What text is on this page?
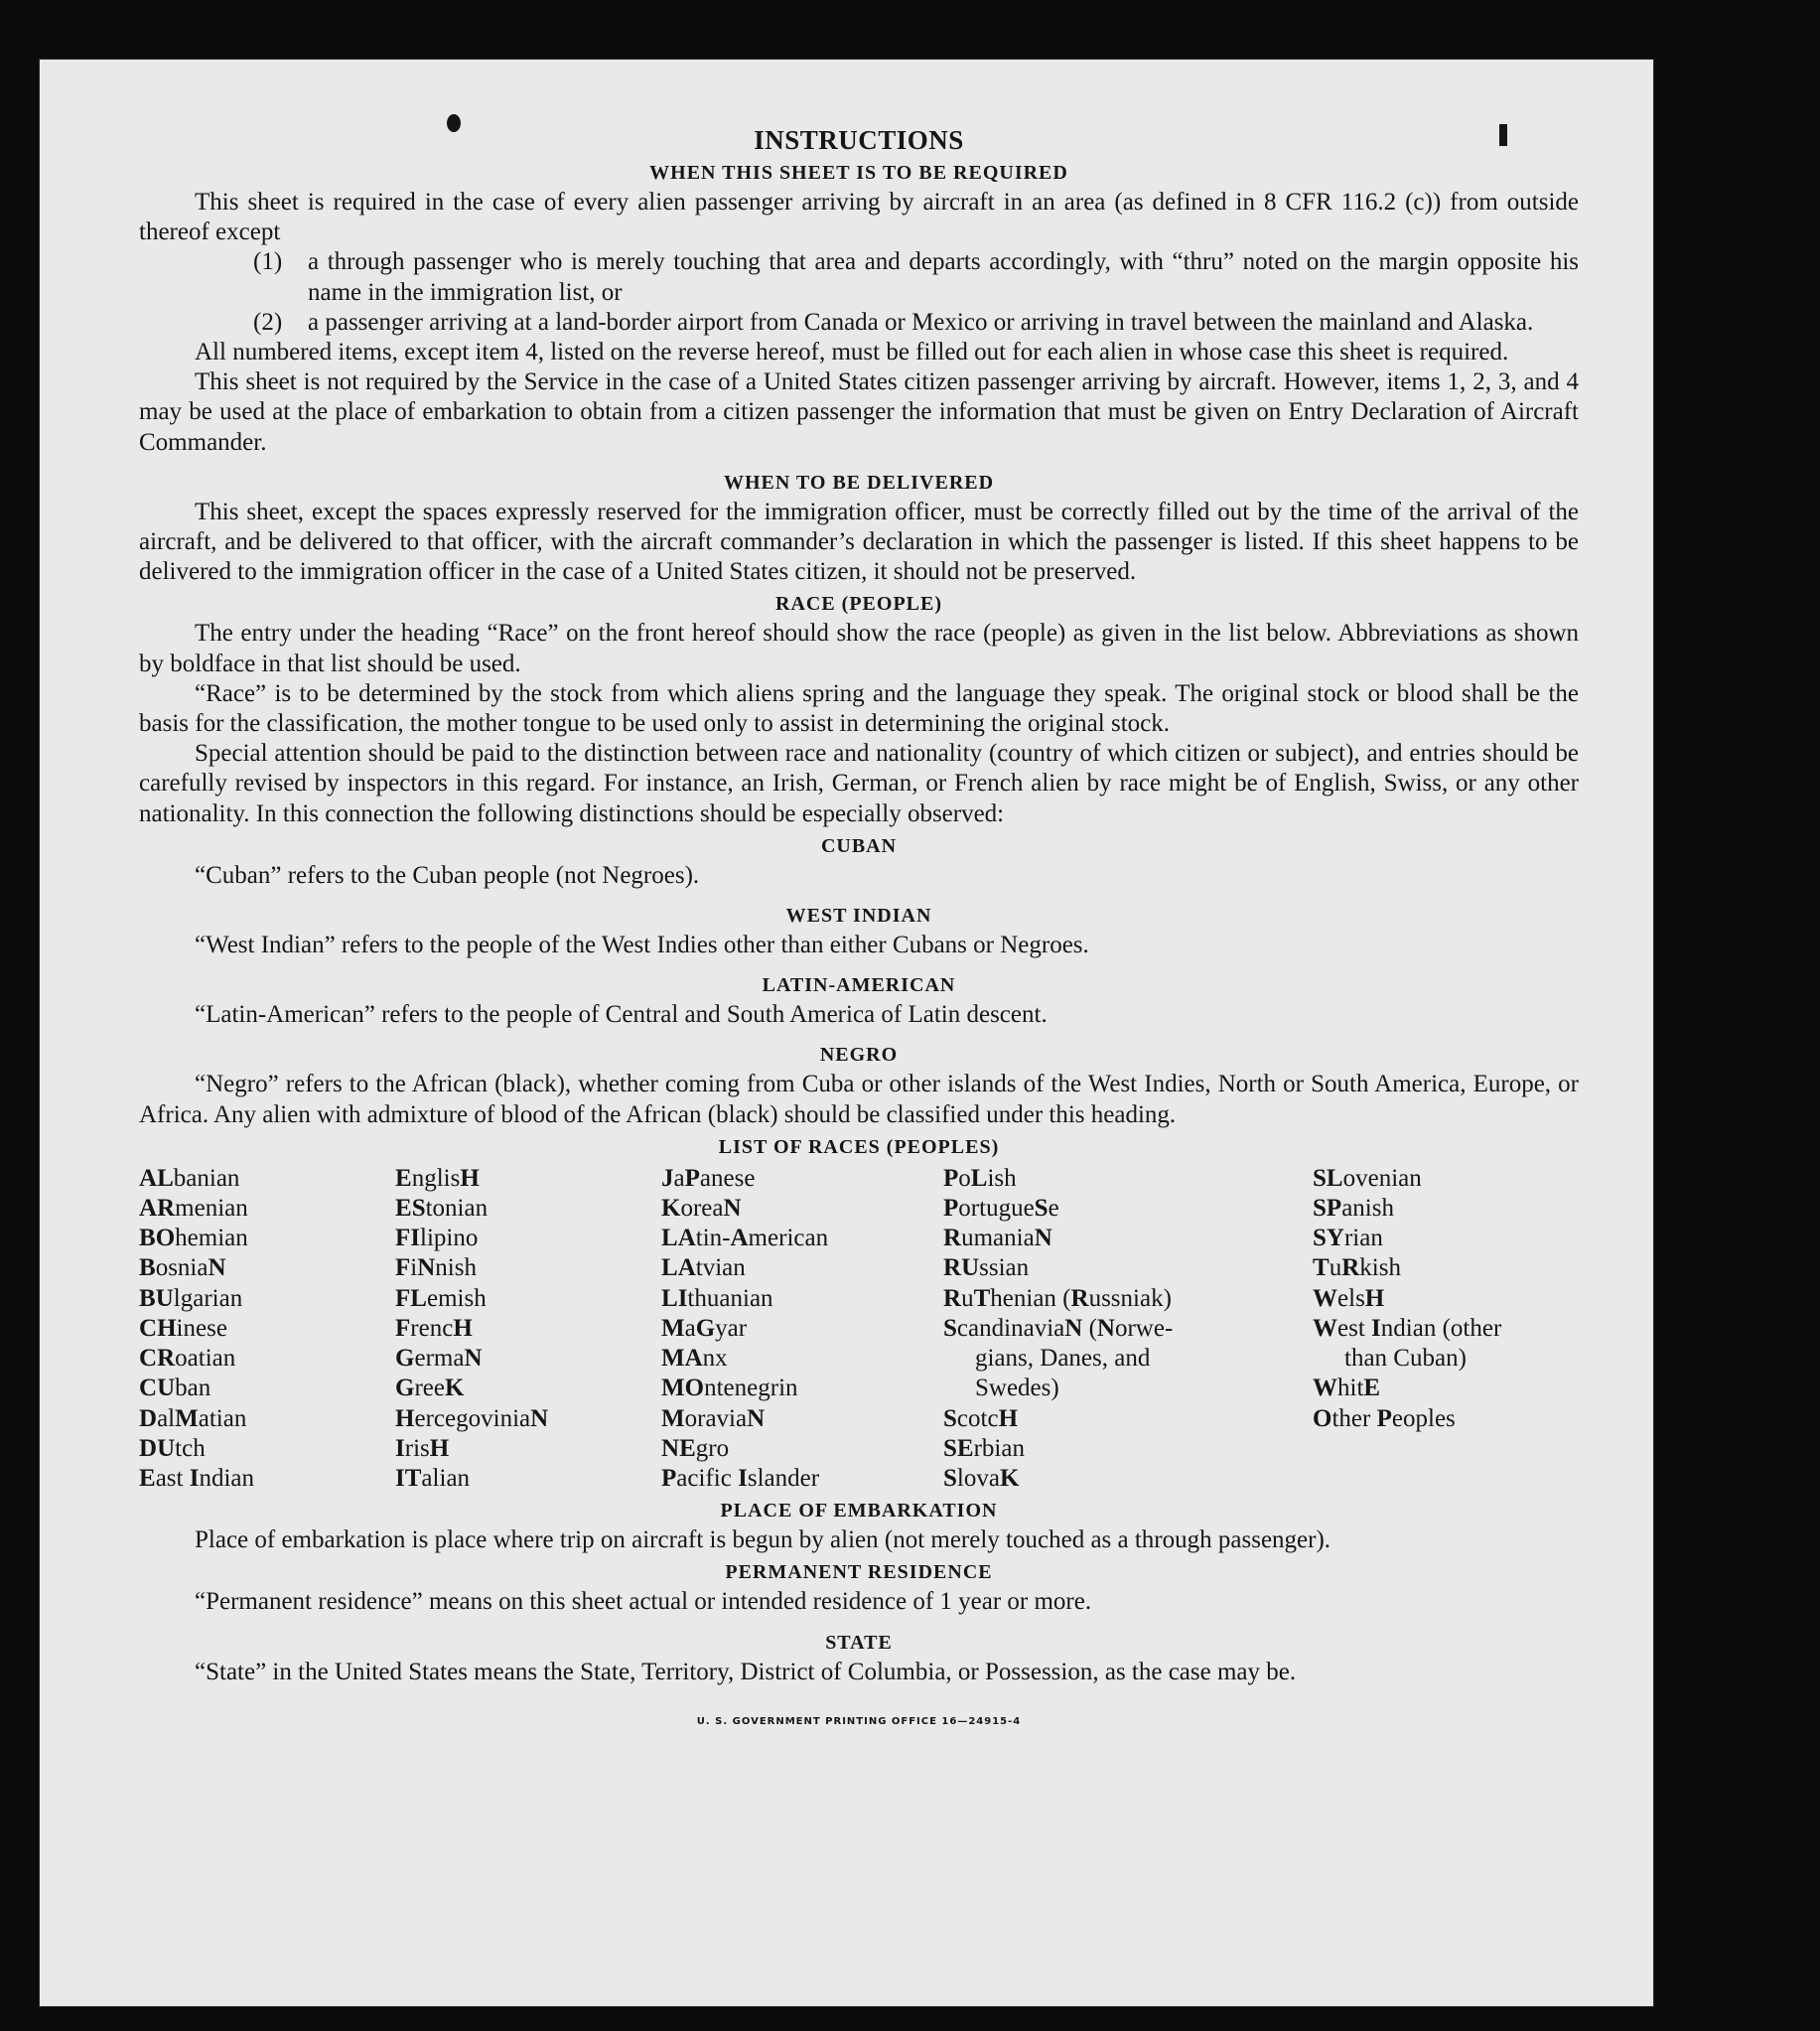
INSTRUCTIONS
WHEN THIS SHEET IS TO BE REQUIRED

This sheet is required in the case of every alien passenger arriving by aircraft in an area (as defined in 8 CFR 116.2 (c)) from outside thereof except

(1)	a through passenger who is merely touching that area and departs accordingly, with “thru” noted on the margin opposite his name in the immigration list, or
(2)	a passenger arriving at a land-border airport from Canada or Mexico or arriving in travel between the mainland and Alaska.

All numbered items, except item 4, listed on the reverse hereof, must be filled out for each alien in whose case this sheet is required.

This sheet is not required by the Service in the case of a United States citizen passenger arriving by aircraft. However, items 1, 2, 3, and 4 may be used at the place of embarkation to obtain from a citizen passenger the information that must be given on Entry Declaration of Aircraft Commander.

WHEN TO BE DELIVERED

This sheet, except the spaces expressly reserved for the immigration officer, must be correctly filled out by the time of the arrival of the aircraft, and be delivered to that officer, with the aircraft commander’s declaration in which the passenger is listed. If this sheet happens to be delivered to the immigration officer in the case of a United States citizen, it should not be preserved.

RACE (PEOPLE)

The entry under the heading “Race” on the front hereof should show the race (people) as given in the list below. Abbreviations as shown by boldface in that list should be used.

“Race” is to be determined by the stock from which aliens spring and the language they speak. The original stock or blood shall be the basis for the classification, the mother tongue to be used only to assist in determining the original stock.

Special attention should be paid to the distinction between race and nationality (country of which citizen or subject), and entries should be carefully revised by inspectors in this regard. For instance, an Irish, German, or French alien by race might be of English, Swiss, or any other nationality. In this connection the following distinctions should be especially observed:

CUBAN

“Cuban” refers to the Cuban people (not Negroes).

WEST INDIAN

“West Indian” refers to the people of the West Indies other than either Cubans or Negroes.

LATIN-AMERICAN

“Latin-American” refers to the people of Central and South America of Latin descent.

NEGRO

“Negro” refers to the African (black), whether coming from Cuba or other islands of the West Indies, North or South America, Europe, or Africa. Any alien with admixture of blood of the African (black) should be classified under this heading.

LIST OF RACES (PEOPLES)
ALbanian
ARmenian
BOhemian
BosniaN
BUlgarian
CHinese
CRoatian
CUban
DalMatian
DUtch
East Indian
EnglisH
EStonian
FIlipino
FiNnish
FLemish
FrencH
GermaN
GreeK
HercegoviniaN
IrisH
ITalian
JaPanese
KoreaN
LAtin-American
LAtvian
LIthuanian
MaGyar
MAnx
MOntenegrin
MoraviaN
NEgro
Pacific Islander
PoLish
PortugueSe
RumaniaN
RUssian
RuThenian (Russniak)
ScandinaviaN (Norwe-
gians, Danes, and
Swedes)
ScotcH
SErbian
SlovaK
SLovenian
SPanish
SYrian
TuRkish
WelsH
West Indian (other
than Cuban)
WhitE
Other Peoples
PLACE OF EMBARKATION

Place of embarkation is place where trip on aircraft is begun by alien (not merely touched as a through passenger).

PERMANENT RESIDENCE

“Permanent residence” means on this sheet actual or intended residence of 1 year or more.

STATE

“State” in the United States means the State, Territory, District of Columbia, or Possession, as the case may be.

U. S. GOVERNMENT PRINTING OFFICE 16—24915-4
